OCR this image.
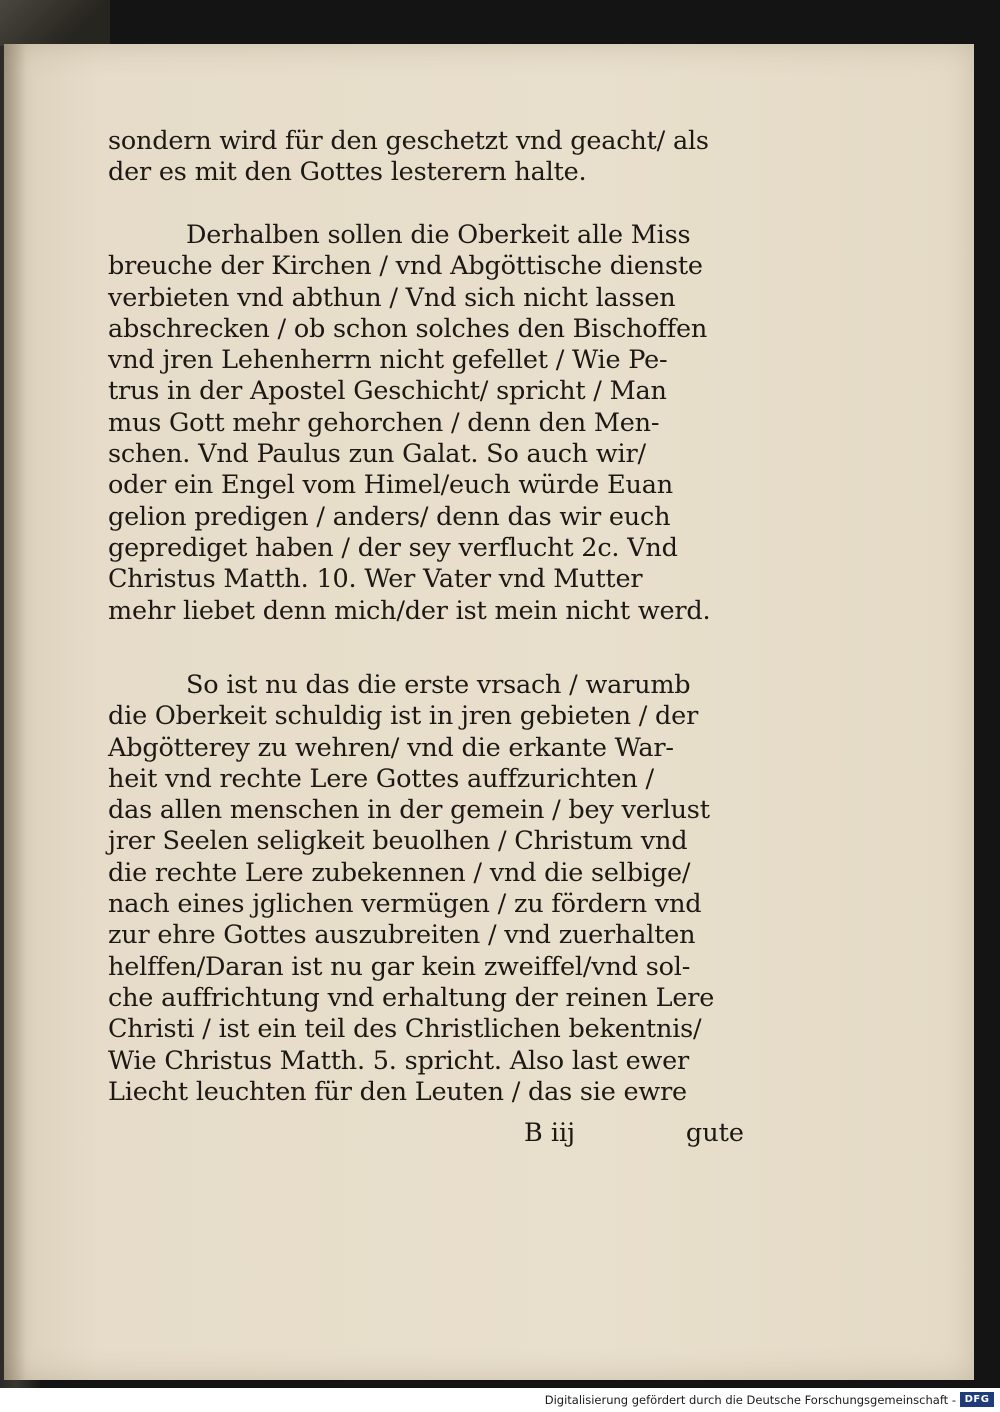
sondern wird für den geschetzt vnd geacht/ als
der es mit den Gottes lesterern halte.
Derhalben sollen die Oberkeit alle Miss
breuche der Kirchen / vnd Abgöttische dienste
verbieten vnd abthun / Vnd sich nicht lassen
abschrecken / ob schon solches den Bischoffen
vnd jren Lehenherrn nicht gefellet / Wie Pe-
trus in der Apostel Geschicht/ spricht / Man
mus Gott mehr gehorchen / denn den Men-
schen. Vnd Paulus zun Galat. So auch wir/
oder ein Engel vom Himel/euch würde Euan
gelion predigen / anders/ denn das wir euch
geprediget haben / der sey verflucht 2c. Vnd
Christus Matth. 10. Wer Vater vnd Mutter
mehr liebet denn mich/der ist mein nicht werd.
So ist nu das die erste vrsach / warumb
die Oberkeit schuldig ist in jren gebieten / der
Abgötterey zu wehren/ vnd die erkante War-
heit vnd rechte Lere Gottes auffzurichten /
das allen menschen in der gemein / bey verlust
jrer Seelen seligkeit beuolhen / Christum vnd
die rechte Lere zubekennen / vnd die selbige/
nach eines jglichen vermügen / zu fördern vnd
zur ehre Gottes auszubreiten / vnd zuerhalten
helffen/Daran ist nu gar kein zweiffel/vnd sol-
che auffrichtung vnd erhaltung der reinen Lere
Christi / ist ein teil des Christlichen bekentnis/
Wie Christus Matth. 5. spricht. Also last ewer
Liecht leuchten für den Leuten / das sie ewre
B iij	gute
Digitalisierung gefördert durch die Deutsche Forschungsgemeinschaft - DFG
